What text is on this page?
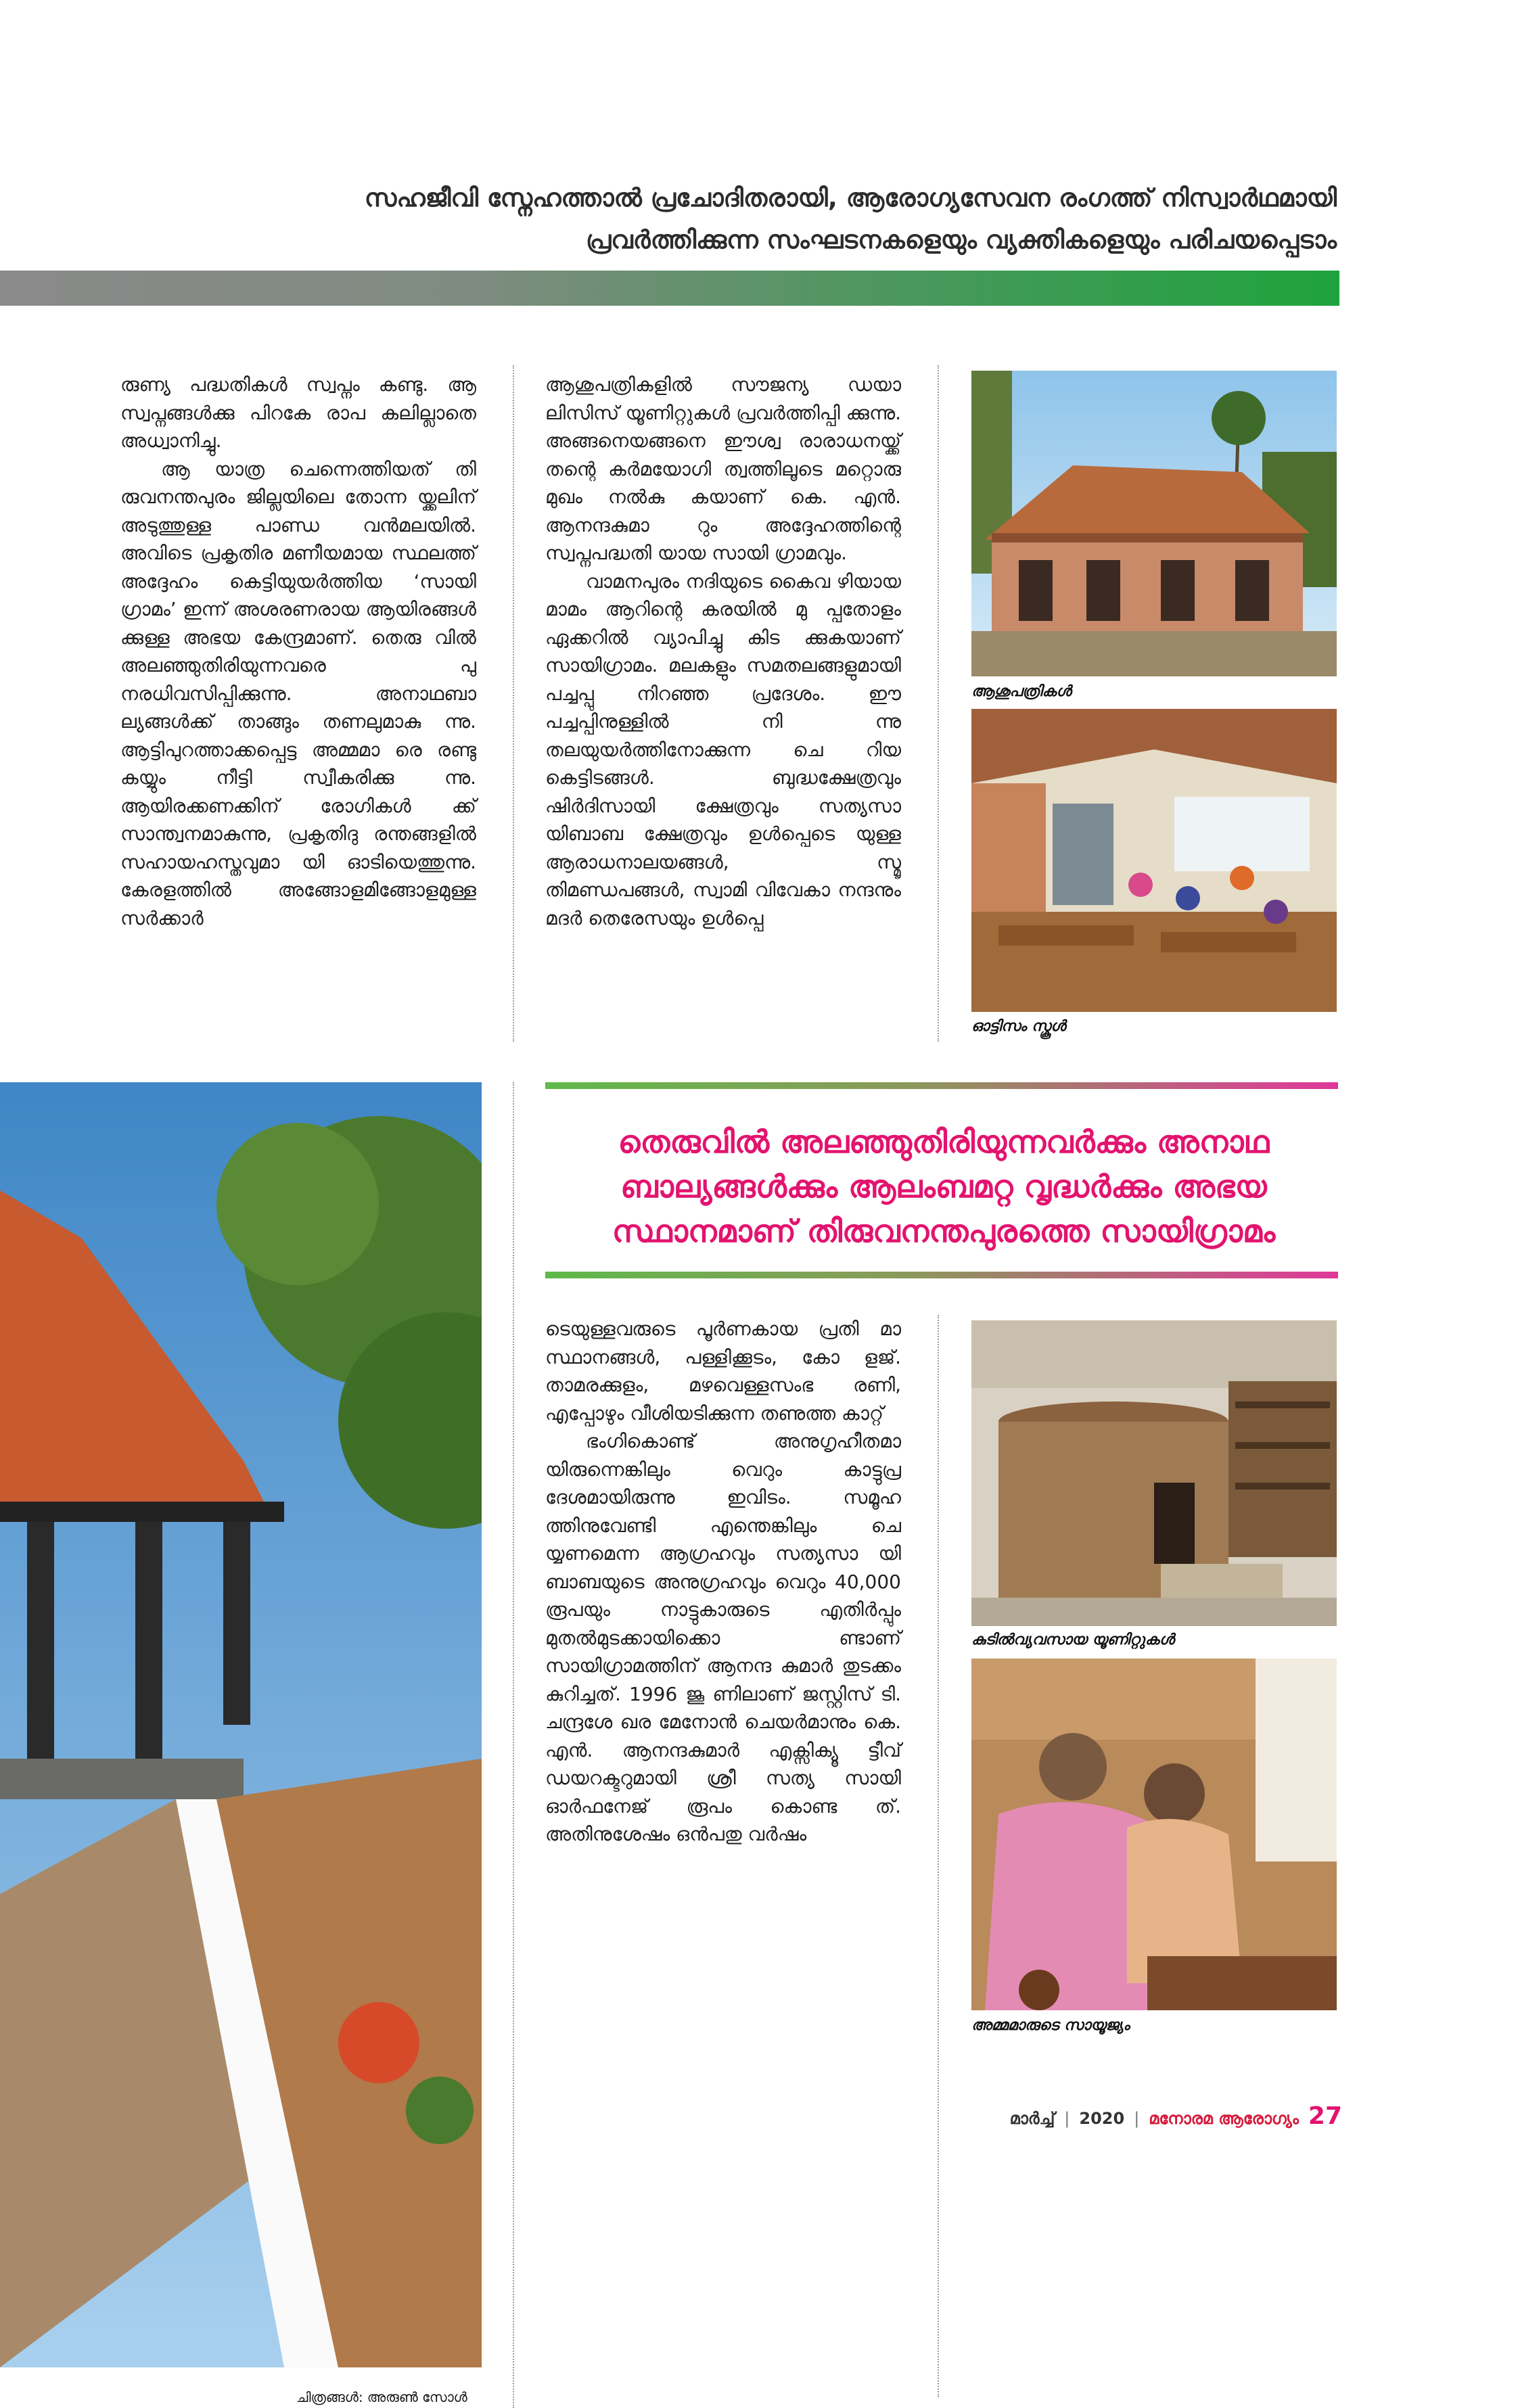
സഹജീവി സ്നേഹത്താൽ പ്രചോദിതരായി, ആരോഗ്യസേവന രംഗത്ത് നിസ്വാർഥമായി
പ്രവർത്തിക്കുന്ന സംഘടനകളെയും വ്യക്തികളെയും പരിചയപ്പെടാം

രുണ്യ പദ്ധതികൾ സ്വപ്നം കണ്ടു. ആ സ്വപ്നങ്ങൾക്കു പിറകേ രാപ കലില്ലാതെ അധ്വാനിച്ചു.

ആ യാത്ര ചെന്നെത്തിയത് തി രുവനന്തപുരം ജില്ലയിലെ തോന്ന യ്ക്കലിന് അടുത്തുള്ള പാണ്ഡ വൻമലയിൽ. അവിടെ പ്രകൃതിര മണീയമായ സ്ഥലത്ത് അദ്ദേഹം കെട്ടിയുയർത്തിയ ‘സായി ഗ്രാമം’ ഇന്ന് അശരണരായ ആയിരങ്ങൾ ക്കുള്ള അഭയ കേന്ദ്രമാണ്. തെരു വിൽ അലഞ്ഞുതിരിയുന്നവരെ പു നരധിവസിപ്പിക്കുന്നു. അനാഥബാ ല്യങ്ങൾക്ക് താങ്ങും തണലുമാകു ന്നു. ആട്ടിപുറത്താക്കപ്പെട്ട അമ്മമാ രെ രണ്ടു കയ്യും നീട്ടി സ്വീകരിക്കു ന്നു. ആയിരക്കണക്കിന് രോഗികൾ ക്ക് സാന്ത്വനമാകുന്നു, പ്രകൃതിദു രന്തങ്ങളിൽ സഹായഹസ്തവുമാ യി ഓടിയെത്തുന്നു. കേരളത്തിൽ അങ്ങോളമിങ്ങോളമുള്ള സർക്കാർ

ആശുപത്രികളിൽ സൗജന്യ ഡയാ ലിസിസ് യൂണിറ്റുകൾ പ്രവർത്തിപ്പി ക്കുന്നു. അങ്ങനെയങ്ങനെ ഈശ്വ രാരാധനയ്ക്ക് തന്റെ കർമയോഗി ത്വത്തിലൂടെ മറ്റൊരു മുഖം നൽകു കയാണ് കെ. എൻ. ആനന്ദകുമാ റും അദ്ദേഹത്തിന്റെ സ്വപ്നപദ്ധതി യായ സായി ഗ്രാമവും.

വാമനപുരം നദിയുടെ കൈവ ഴിയായ മാമം ആറിന്റെ കരയിൽ മു പ്പതോളം ഏക്കറിൽ വ്യാപിച്ചു കിട ക്കുകയാണ് സായിഗ്രാമം. മലകളും സമതലങ്ങളുമായി പച്ചപ്പു നിറഞ്ഞ പ്രദേശം. ഈ പച്ചപ്പിനുള്ളിൽ നി ന്നു തലയുയർത്തിനോക്കുന്ന ചെ റിയ കെട്ടിടങ്ങൾ. ബുദ്ധക്ഷേത്രവും ഷിർദിസായി ക്ഷേത്രവും സത്യസാ യിബാബ ക്ഷേത്രവും ഉൾപ്പെടെ യുള്ള ആരാധനാലയങ്ങൾ, സ്മൃ തിമണ്ഡപങ്ങൾ, സ്വാമി വിവേകാ നന്ദനും മദർ തെരേസയും ഉൾപ്പെ

ആശുപത്രികൾ
ഓട്ടിസം സ്കൂൾ
തെരുവിൽ അലഞ്ഞുതിരിയുന്നവർക്കും അനാഥ
ബാല്യങ്ങൾക്കും ആലംബമറ്റ വൃദ്ധർക്കും അഭയ
സ്ഥാനമാണ് തിരുവനന്തപുരത്തെ സായിഗ്രാമം
ചിത്രങ്ങൾ: അരുൺ സോൾ

ടെയുള്ളവരുടെ പൂർണകായ പ്രതി മാ സ്ഥാനങ്ങൾ, പള്ളിക്കൂടം, കോ ളജ്. താമരക്കുളം, മഴവെള്ളസംഭ രണി, എപ്പോഴും വീശിയടിക്കുന്ന തണുത്ത കാറ്റ്

ഭംഗികൊണ്ട് അനുഗൃഹീതമാ യിരുന്നെങ്കിലും വെറും കാട്ടുപ്ര ദേശമായിരുന്നു ഇവിടം. സമൂഹ ത്തിനുവേണ്ടി എന്തെങ്കിലും ചെ യ്യണമെന്ന ആഗ്രഹവും സത്യസാ യി ബാബയുടെ അനുഗ്രഹവും വെറും 40,000 രൂപയും നാട്ടുകാരുടെ എതിർപ്പും മുതൽമുടക്കായിക്കൊ ണ്ടാണ് സായിഗ്രാമത്തിന് ആനന്ദ കുമാർ തുടക്കം കുറിച്ചത്. 1996 ജൂ ണിലാണ് ജസ്റ്റിസ് ടി. ചന്ദ്രശേ ഖര മേനോൻ ചെയർമാനും കെ. എൻ. ആനന്ദകുമാർ എക്സിക്യൂ ട്ടീവ് ഡയറക്ടറുമായി ശ്രീ സത്യ സായി ഓർഫനേജ് രൂപം കൊണ്ട ത്. അതിനുശേഷം ഒൻപതു വർഷം

കുടിൽവ്യവസായ യൂണിറ്റുകൾ
അമ്മമാരുടെ സായൂജ്യം
മാർച്ച് | 2020 | മനോരമ ആരോഗ്യം 27
